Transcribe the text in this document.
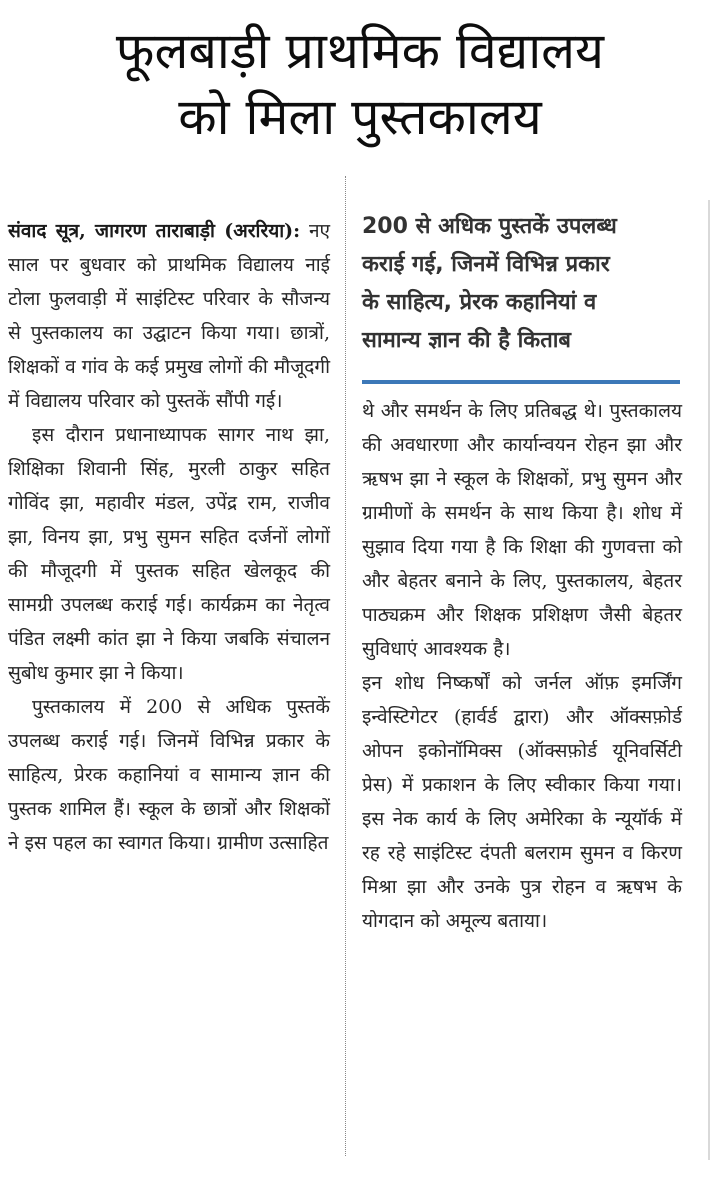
फूलबाड़ी प्राथमिक विद्यालय
को मिला पुस्तकालय

संवाद सूत्र, जागरण ताराबाड़ी (अररिया): नए साल पर बुधवार को प्राथमिक विद्यालय नाई टोला फुलवाड़ी में साइंटिस्ट परिवार के सौजन्य से पुस्तकालय का उद्घाटन किया गया। छात्रों, शिक्षकों व गांव के कई प्रमुख लोगों की मौजूदगी में विद्यालय परिवार को पुस्तकें सौंपी गई।

इस दौरान प्रधानाध्यापक सागर नाथ झा, शिक्षिका शिवानी सिंह, मुरली ठाकुर सहित गोविंद झा, महावीर मंडल, उपेंद्र राम, राजीव झा, विनय झा, प्रभु सुमन सहित दर्जनों लोगों की मौजूदगी में पुस्तक सहित खेलकूद की सामग्री उपलब्ध कराई गई। कार्यक्रम का नेतृत्व पंडित लक्ष्मी कांत झा ने किया जबकि संचालन सुबोध कुमार झा ने किया।

पुस्तकालय में 200 से अधिक पुस्तकें उपलब्ध कराई गई। जिनमें विभिन्न प्रकार के साहित्य, प्रेरक कहानियां व सामान्य ज्ञान की पुस्तक शामिल हैं। स्कूल के छात्रों और शिक्षकों ने इस पहल का स्वागत किया। ग्रामीण उत्साहित

200 से अधिक पुस्तकें उपलब्ध
कराई गई, जिनमें विभिन्न प्रकार
के साहित्य, प्रेरक कहानियां व
सामान्य ज्ञान की है किताब

थे और समर्थन के लिए प्रतिबद्ध थे। पुस्तकालय की अवधारणा और कार्यान्वयन रोहन झा और ऋषभ झा ने स्कूल के शिक्षकों, प्रभु सुमन और ग्रामीणों के समर्थन के साथ किया है। शोध में सुझाव दिया गया है कि शिक्षा की गुणवत्ता को और बेहतर बनाने के लिए, पुस्तकालय, बेहतर पाठ्यक्रम और शिक्षक प्रशिक्षण जैसी बेहतर सुविधाएं आवश्यक है।

इन शोध निष्कर्षों को जर्नल ऑफ़ इमर्जिंग इन्वेस्टिगेटर (हार्वर्ड द्वारा) और ऑक्सफ़ोर्ड ओपन इकोनॉमिक्स (ऑक्सफ़ोर्ड यूनिवर्सिटी प्रेस) में प्रकाशन के लिए स्वीकार किया गया। इस नेक कार्य के लिए अमेरिका के न्यूयॉर्क में रह रहे साइंटिस्ट दंपती बलराम सुमन व किरण मिश्रा झा और उनके पुत्र रोहन व ऋषभ के योगदान को अमूल्य बताया।
